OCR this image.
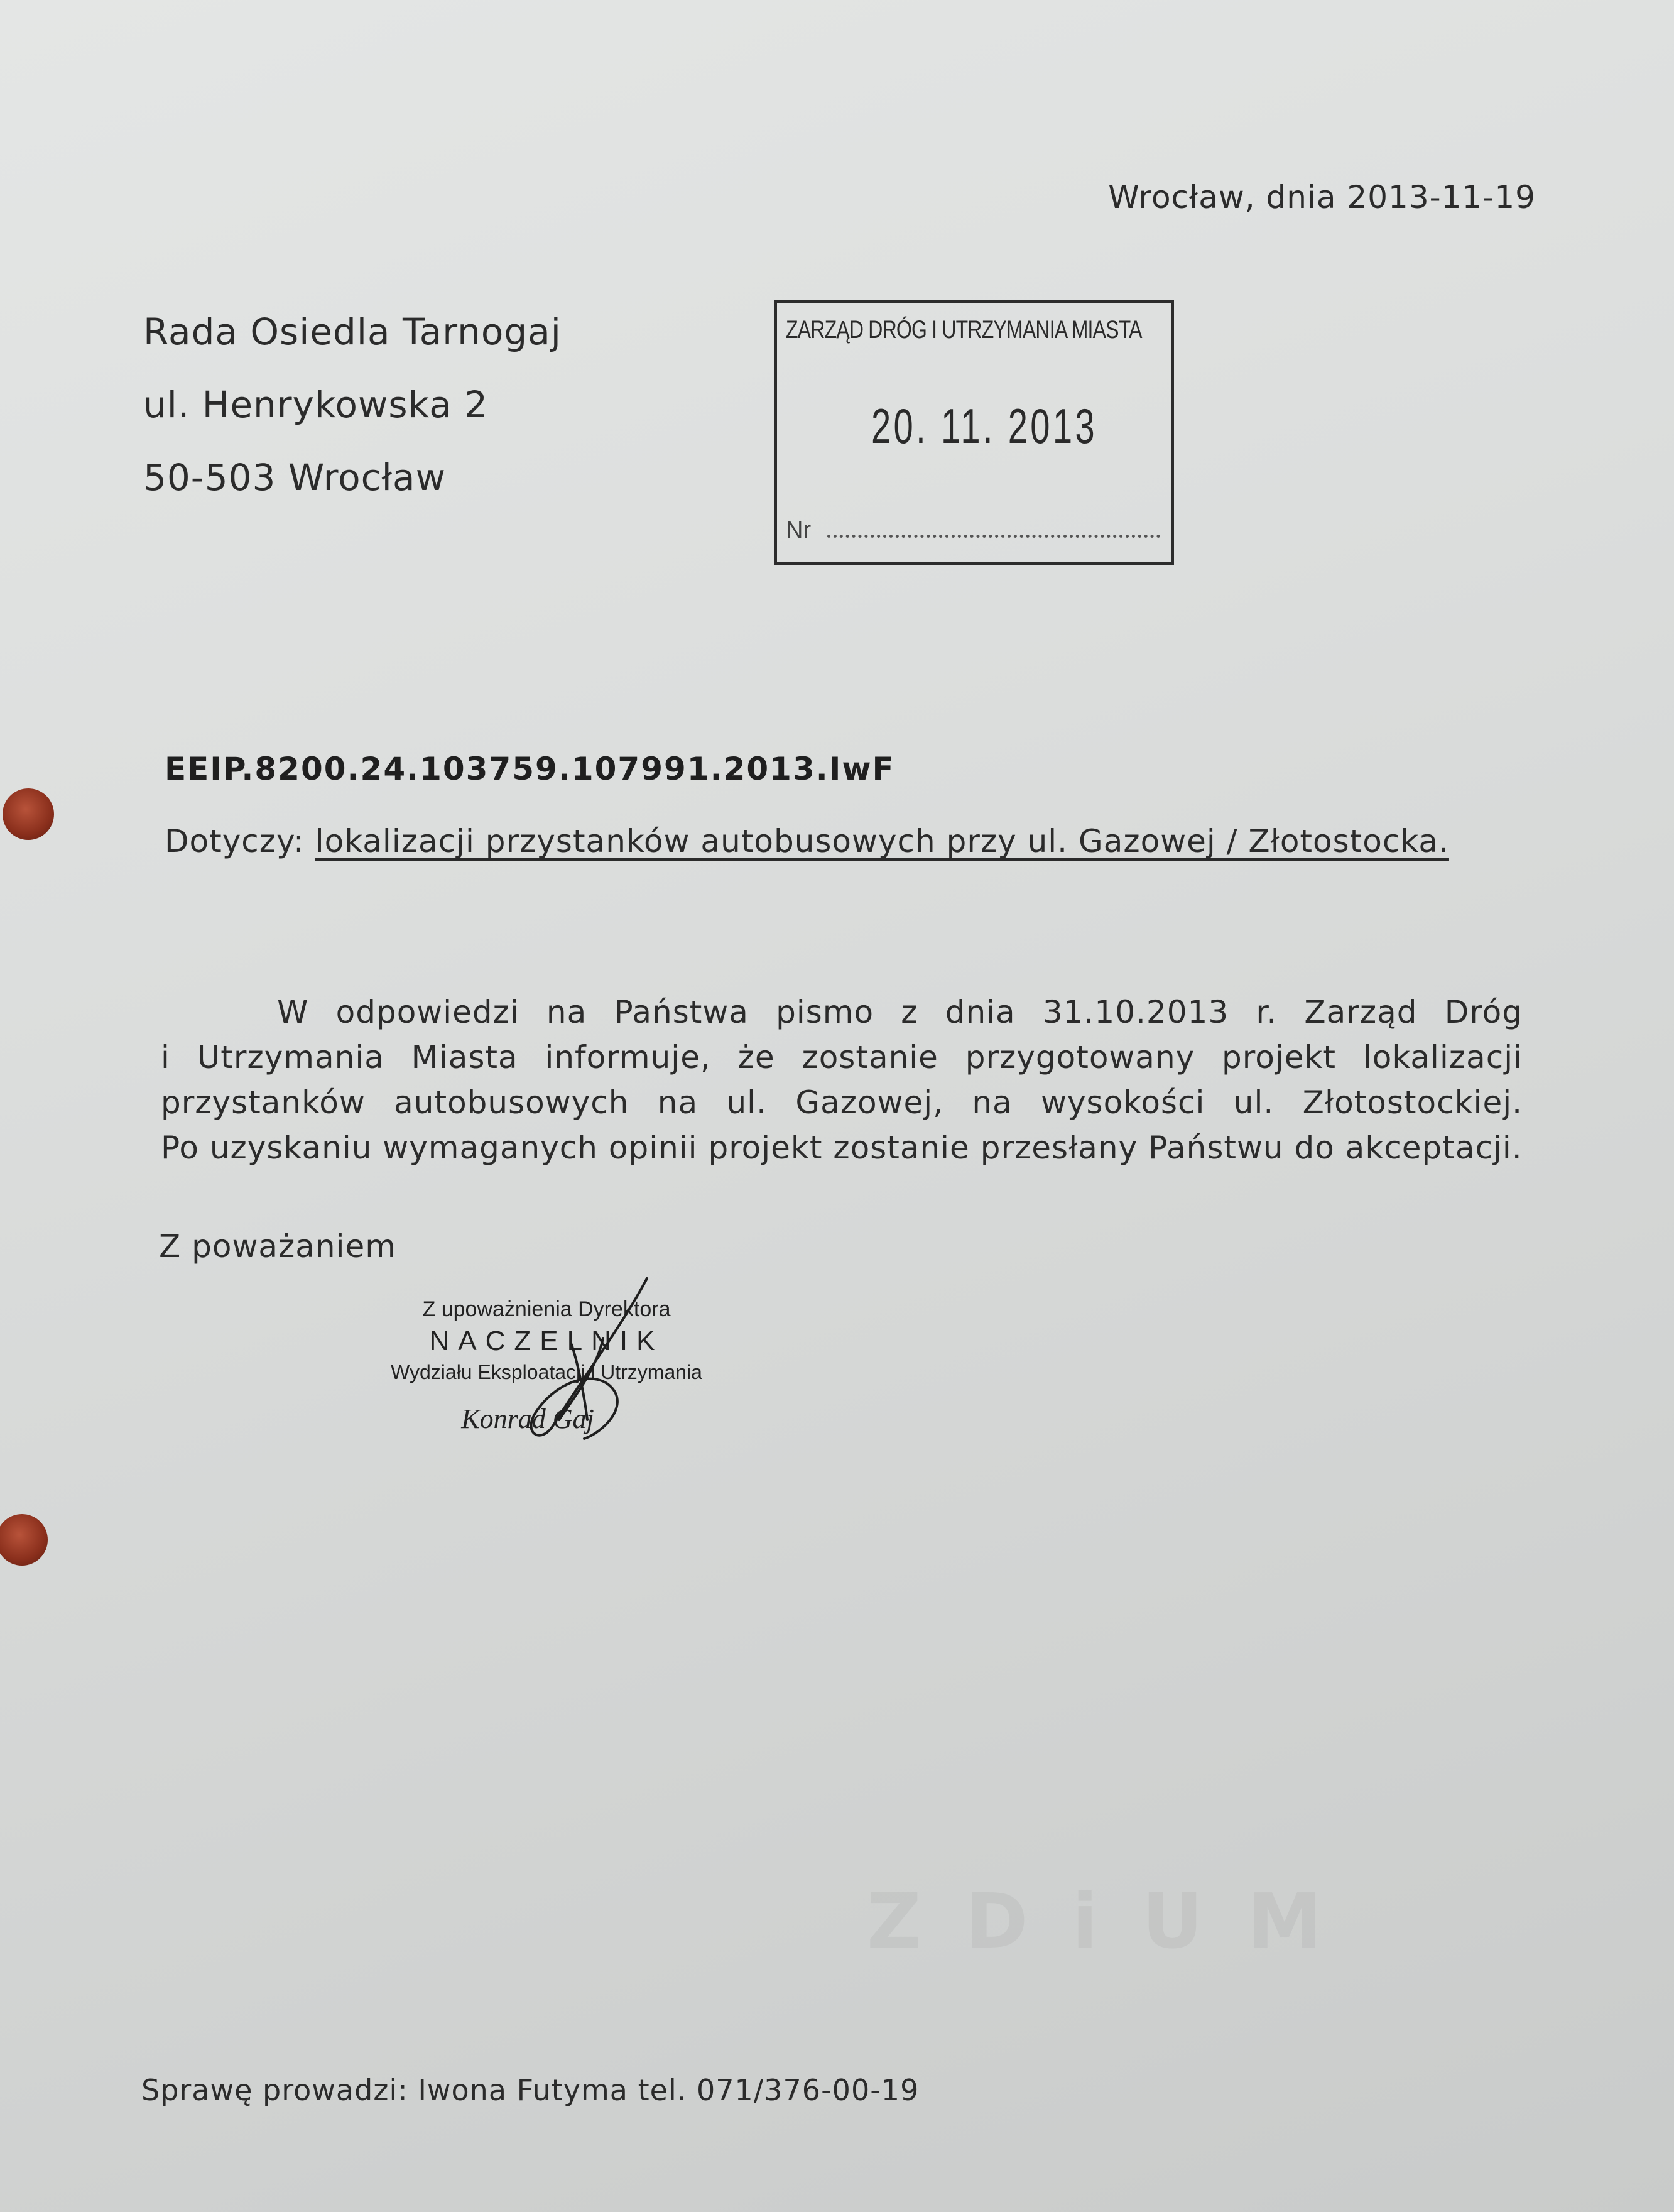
ZDiUM
Wrocław, dnia 2013-11-19
Rada Osiedla Tarnogaj
ul. Henrykowska 2
50-503 Wrocław
ZARZĄD DRÓG I UTRZYMANIA MIASTA
20. 11. 2013
Nr
EEIP.8200.24.103759.107991.2013.IwF
Dotyczy: lokalizacji przystanków autobusowych przy ul. Gazowej / Złotostocka.
W odpowiedzi na Państwa pismo z dnia 31.10.2013 r. Zarząd Dróg
i Utrzymania Miasta informuje, że zostanie przygotowany projekt lokalizacji
przystanków autobusowych na ul. Gazowej, na wysokości ul. Złotostockiej.
Po uzyskaniu wymaganych opinii projekt zostanie przesłany Państwu do akceptacji.
Z poważaniem
Z upoważnienia Dyrektora
NACZELNIK
Wydziału Eksploatacji i Utrzymania
Konrad Gaj
Sprawę prowadzi: Iwona Futyma tel. 071/376-00-19
